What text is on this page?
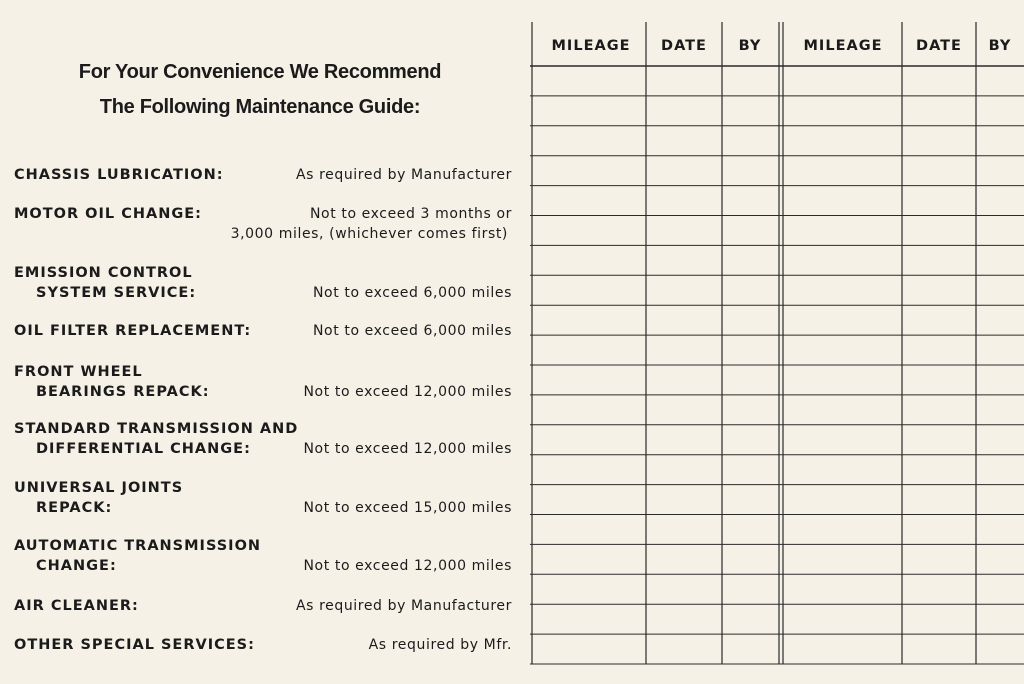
For Your Convenience We Recommend
The Following Maintenance Guide:
CHASSIS LUBRICATION:	As required by Manufacturer
MOTOR OIL CHANGE:	Not to exceed 3 months or
3,000 miles, (whichever comes first)
EMISSION CONTROL
SYSTEM SERVICE:	Not to exceed 6,000 miles
OIL FILTER REPLACEMENT:	Not to exceed 6,000 miles
FRONT WHEEL
BEARINGS REPACK:	Not to exceed 12,000 miles
STANDARD TRANSMISSION AND
DIFFERENTIAL CHANGE:	Not to exceed 12,000 miles
UNIVERSAL JOINTS
REPACK:	Not to exceed 15,000 miles
AUTOMATIC TRANSMISSION
CHANGE:	Not to exceed 12,000 miles
AIR CLEANER:	As required by Manufacturer
OTHER SPECIAL SERVICES:	As required by Mfr.
MILEAGE	DATE	BY	MILEAGE	DATE	BY
